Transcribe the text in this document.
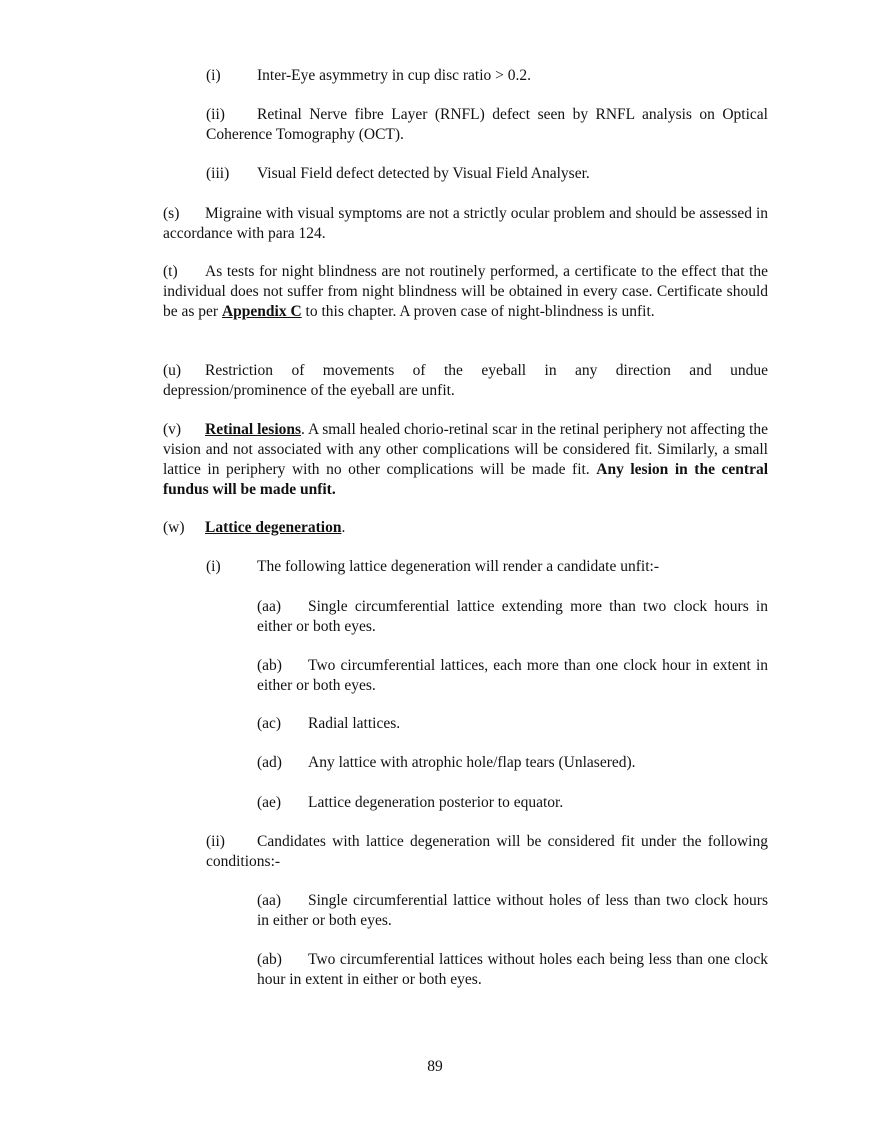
(i) Inter-Eye asymmetry in cup disc ratio > 0.2.

(ii) Retinal Nerve fibre Layer (RNFL) defect seen by RNFL analysis on Optical Coherence Tomography (OCT).

(iii) Visual Field defect detected by Visual Field Analyser.

(s) Migraine with visual symptoms are not a strictly ocular problem and should be assessed in accordance with para 124.

(t) As tests for night blindness are not routinely performed, a certificate to the effect that the individual does not suffer from night blindness will be obtained in every case. Certificate should be as per Appendix C to this chapter. A proven case of night-blindness is unfit.

(u) Restriction of movements of the eyeball in any direction and undue depression/prominence of the eyeball are unfit.

(v) Retinal lesions. A small healed chorio-retinal scar in the retinal periphery not affecting the vision and not associated with any other complications will be considered fit. Similarly, a small lattice in periphery with no other complications will be made fit. Any lesion in the central fundus will be made unfit.

(w) Lattice degeneration.

(i) The following lattice degeneration will render a candidate unfit:-

(aa) Single circumferential lattice extending more than two clock hours in either or both eyes.

(ab) Two circumferential lattices, each more than one clock hour in extent in either or both eyes.

(ac) Radial lattices.

(ad) Any lattice with atrophic hole/flap tears (Unlasered).

(ae) Lattice degeneration posterior to equator.

(ii) Candidates with lattice degeneration will be considered fit under the following conditions:-

(aa) Single circumferential lattice without holes of less than two clock hours in either or both eyes.

(ab) Two circumferential lattices without holes each being less than one clock hour in extent in either or both eyes.

89
